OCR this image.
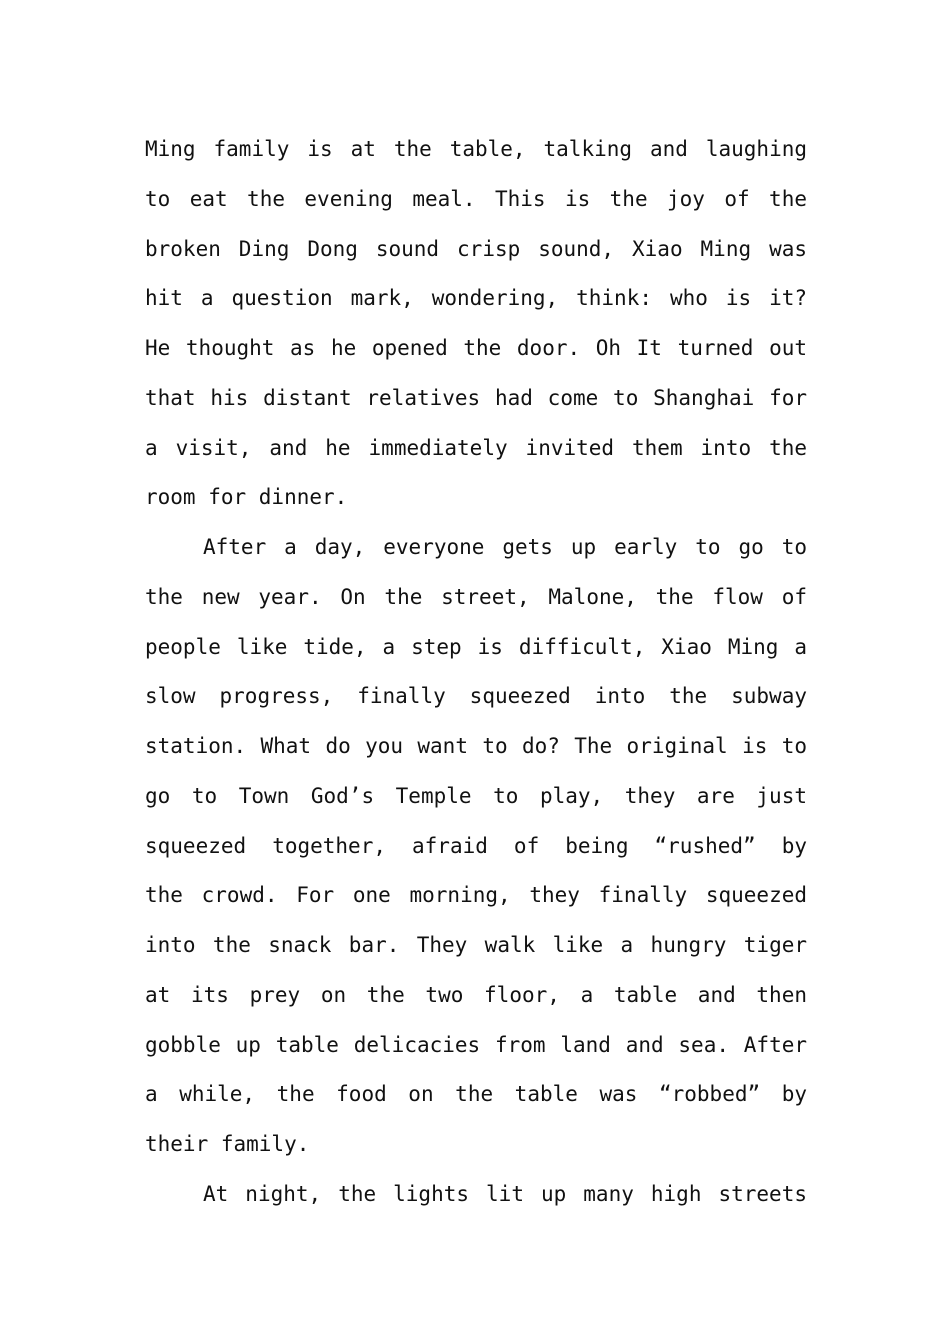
Ming family is at the table, talking and laughing
to eat the evening meal. This is the joy of the
broken Ding Dong sound crisp sound, Xiao Ming was
hit a question mark, wondering, think: who is it?
He thought as he opened the door. Oh It turned out
that his distant relatives had come to Shanghai for
a visit, and he immediately invited them into the
room for dinner.
After a day, everyone gets up early to go to
the new year. On the street, Malone, the flow of
people like tide, a step is difficult, Xiao Ming a
slow progress, finally squeezed into the subway
station. What do you want to do? The original is to
go to Town God’s Temple to play, they are just
squeezed together, afraid of being “rushed” by
the crowd. For one morning, they finally squeezed
into the snack bar. They walk like a hungry tiger
at its prey on the two floor, a table and then
gobble up table delicacies from land and sea. After
a while, the food on the table was “robbed” by
their family.
At night, the lights lit up many high streets
